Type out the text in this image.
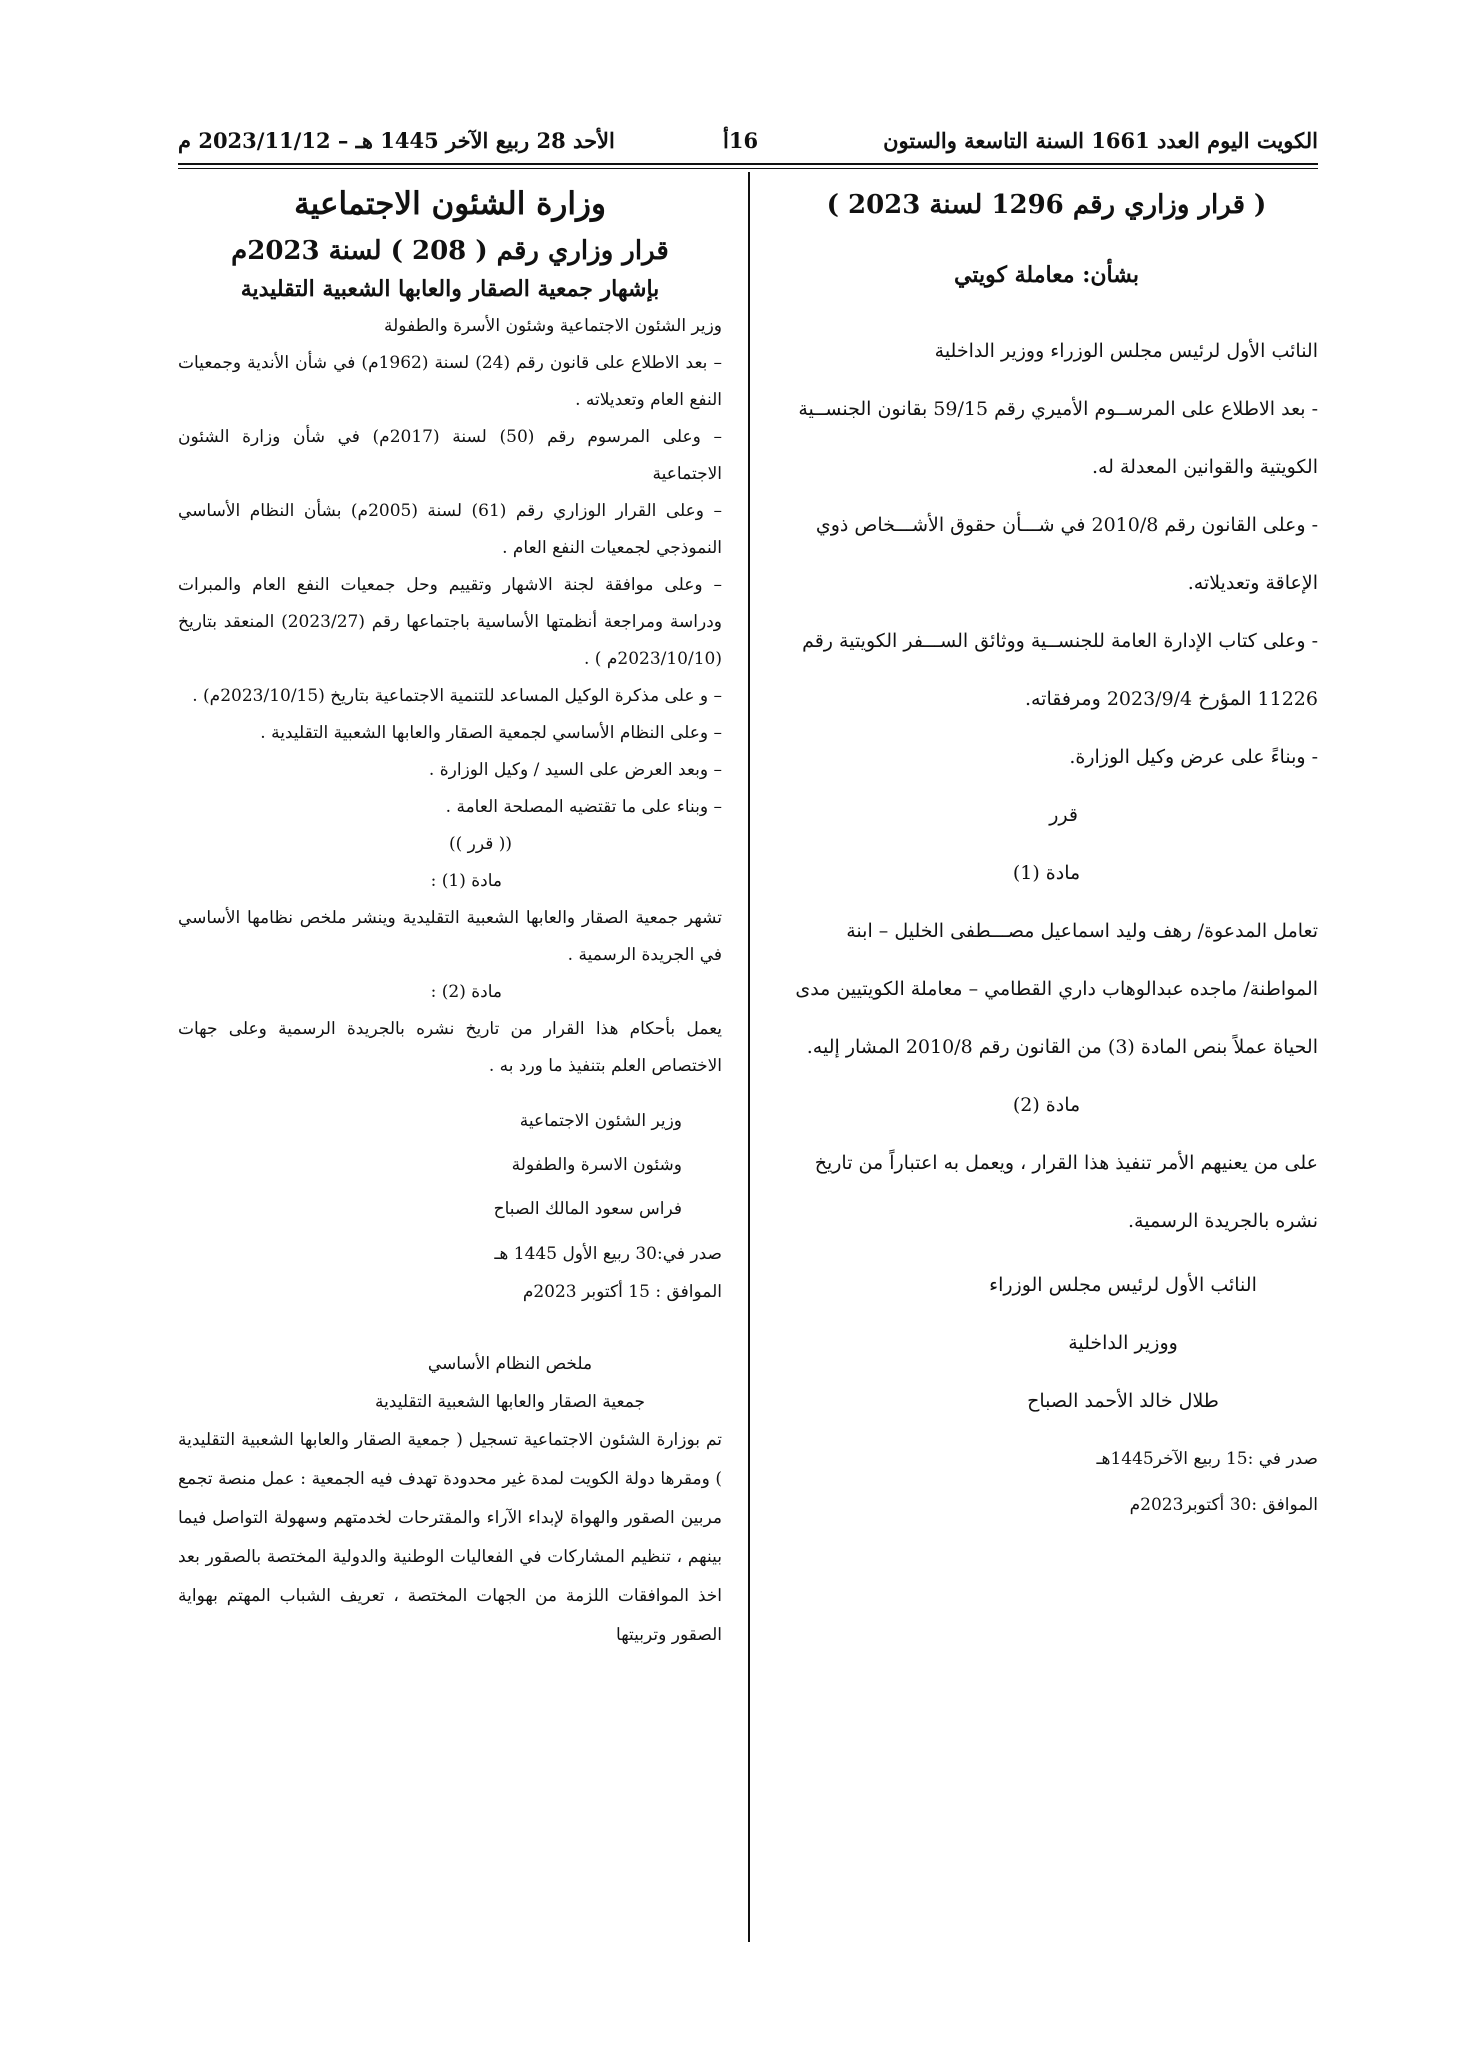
الكويت اليوم العدد 1661 السنة التاسعة والستون
16أ
الأحد 28 ربيع الآخر 1445 هـ – 2023/11/12 م

( قرار وزاري رقم 1296 لسنة 2023 )

بشأن: معاملة كويتي

النائب الأول لرئيس مجلس الوزراء ووزير الداخلية

- بعد الاطلاع على المرســوم الأميري رقم 59/15 بقانون الجنســية الكويتية والقوانين المعدلة له.

- وعلى القانون رقم 2010/8 في شـــأن حقوق الأشـــخاص ذوي الإعاقة وتعديلاته.

- وعلى كتاب الإدارة العامة للجنســية ووثائق الســـفر الكويتية رقم 11226 المؤرخ 2023/9/4 ومرفقاته.

- وبناءً على عرض وكيل الوزارة.

قرر

مادة (1)

تعامل المدعوة/ رهف وليد اسماعيل مصـــطفى الخليل – ابنة المواطنة/ ماجده عبدالوهاب داري القطامي – معاملة الكويتيين مدى الحياة عملاً بنص المادة (3) من القانون رقم 2010/8 المشار إليه.

مادة (2)

على من يعنيهم الأمر تنفيذ هذا القرار ، ويعمل به اعتباراً من تاريخ نشره بالجريدة الرسمية.

النائب الأول لرئيس مجلس الوزراء

ووزير الداخلية

طلال خالد الأحمد الصباح

صدر في :15 ربيع الآخر1445هـ

الموافق :30 أكتوبر2023م

وزارة الشئون الاجتماعية

قرار وزاري رقم ( 208 ) لسنة 2023م

بإشهار جمعية الصقار والعابها الشعبية التقليدية

وزير الشئون الاجتماعية وشئون الأسرة والطفولة

– بعد الاطلاع على قانون رقم (24) لسنة (1962م) في شأن الأندية وجمعيات النفع العام وتعديلاته .

– وعلى المرسوم رقم (50) لسنة (2017م) في شأن وزارة الشئون الاجتماعية

– وعلى القرار الوزاري رقم (61) لسنة (2005م) بشأن النظام الأساسي النموذجي لجمعيات النفع العام .

– وعلى موافقة لجنة الاشهار وتقييم وحل جمعيات النفع العام والمبرات ودراسة ومراجعة أنظمتها الأساسية باجتماعها رقم (2023/27) المنعقد بتاريخ (2023/10/10م ) .

– و على مذكرة الوكيل المساعد للتنمية الاجتماعية بتاريخ (2023/10/15م) .

– وعلى النظام الأساسي لجمعية الصقار والعابها الشعبية التقليدية .

– وبعد العرض على السيد / وكيل الوزارة .

– وبناء على ما تقتضيه المصلحة العامة .

(( قرر ))

مادة (1) :

تشهر جمعية الصقار والعابها الشعبية التقليدية وينشر ملخص نظامها الأساسي في الجريدة الرسمية .

مادة (2) :

يعمل بأحكام هذا القرار من تاريخ نشره بالجريدة الرسمية وعلى جهات الاختصاص العلم بتنفيذ ما ورد به .

وزير الشئون الاجتماعية

وشئون الاسرة والطفولة

فراس سعود المالك الصباح

صدر في:30 ربيع الأول 1445 هـ

الموافق : 15 أكتوبر 2023م

ملخص النظام الأساسي

جمعية الصقار والعابها الشعبية التقليدية

تم بوزارة الشئون الاجتماعية تسجيل ( جمعية الصقار والعابها الشعبية التقليدية ) ومقرها دولة الكويت لمدة غير محدودة تهدف فيه الجمعية : عمل منصة تجمع مربين الصقور والهواة لإبداء الآراء والمقترحات لخدمتهم وسهولة التواصل فيما بينهم ، تنظيم المشاركات في الفعاليات الوطنية والدولية المختصة بالصقور بعد اخذ الموافقات اللزمة من الجهات المختصة ، تعريف الشباب المهتم بهواية الصقور وتربيتها
